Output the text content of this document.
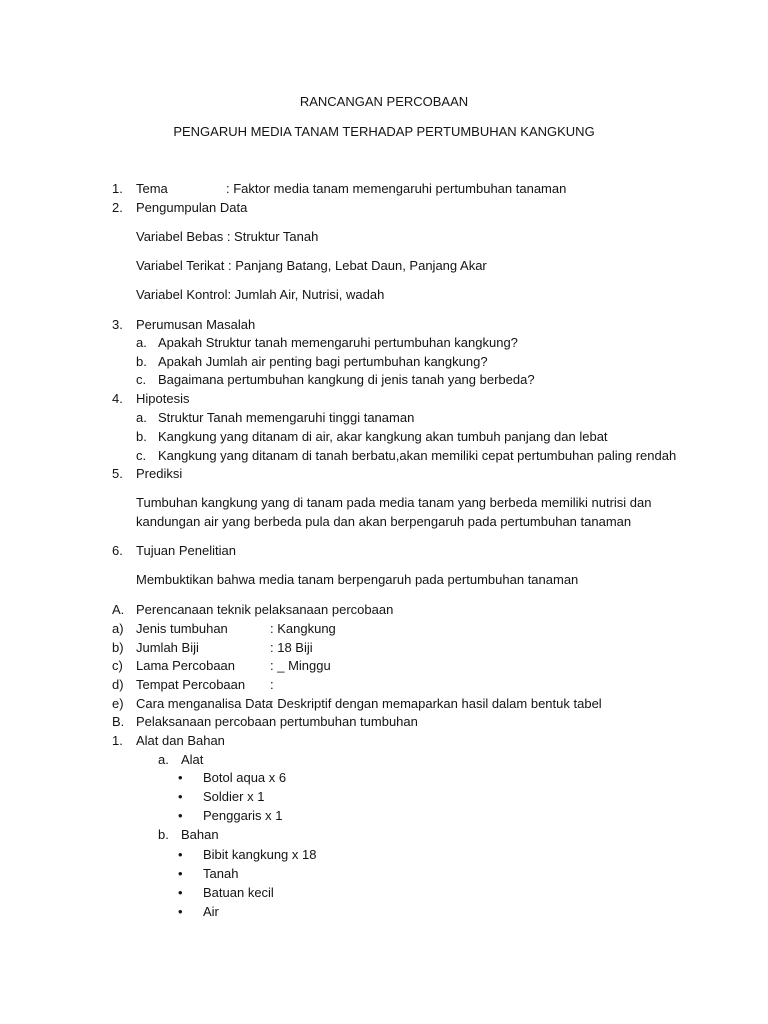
RANCANGAN PERCOBAAN
PENGARUH MEDIA TANAM TERHADAP PERTUMBUHAN KANGKUNG
1. Tema	: Faktor media tanam memengaruhi pertumbuhan tanaman
2. Pengumpulan Data
Variabel Bebas : Struktur Tanah
Variabel Terikat : Panjang Batang, Lebat Daun, Panjang Akar
Variabel Kontrol: Jumlah Air, Nutrisi, wadah
3. Perumusan Masalah
a. Apakah Struktur tanah memengaruhi pertumbuhan kangkung?
b. Apakah Jumlah air penting bagi pertumbuhan kangkung?
c. Bagaimana pertumbuhan kangkung di jenis tanah yang berbeda?
4. Hipotesis
a. Struktur Tanah memengaruhi tinggi tanaman
b. Kangkung yang ditanam di air, akar kangkung akan tumbuh panjang dan lebat
c. Kangkung yang ditanam di tanah berbatu,akan memiliki cepat pertumbuhan paling rendah
5. Prediksi
Tumbuhan kangkung yang di tanam pada media tanam yang berbeda memiliki nutrisi dan
kandungan air yang berbeda pula dan akan berpengaruh pada pertumbuhan tanaman
6. Tujuan Penelitian
Membuktikan bahwa media tanam berpengaruh pada pertumbuhan tanaman
A. Perencanaan teknik pelaksanaan percobaan
a) Jenis tumbuhan	: Kangkung
b) Jumlah Biji	: 18 Biji
c) Lama Percobaan	: _ Minggu
d) Tempat Percobaan :
e) Cara menganalisa Data
: Deskriptif dengan memaparkan hasil dalam bentuk tabel
B. Pelaksanaan percobaan pertumbuhan tumbuhan
1. Alat dan Bahan
a. Alat
• Botol aqua x 6
• Soldier x 1
• Penggaris x 1
b. Bahan
• Bibit kangkung x 18
• Tanah
• Batuan kecil
• Air
